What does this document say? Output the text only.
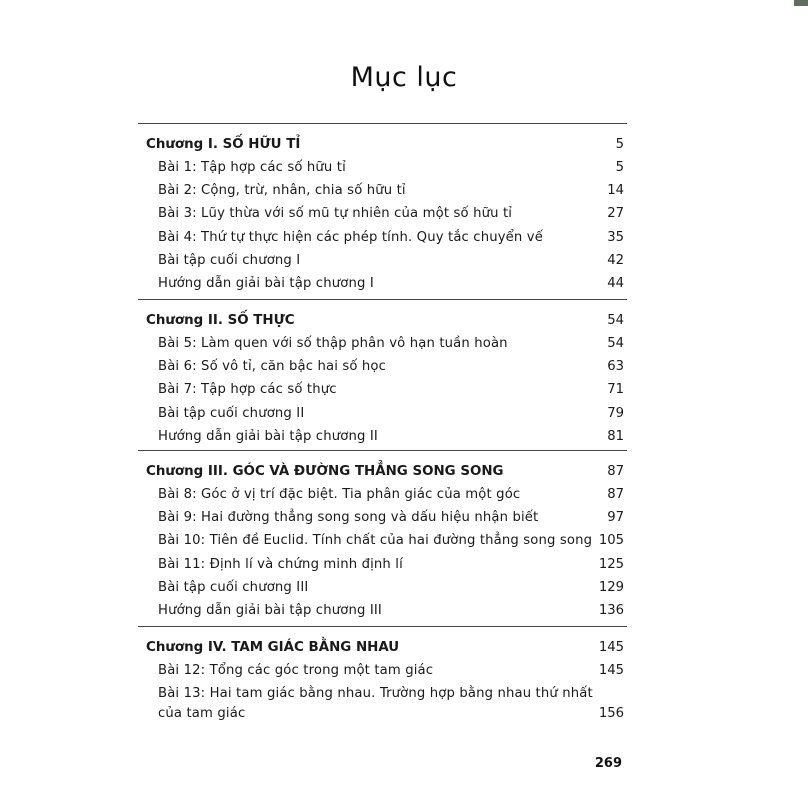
Mục lục
Chương I. SỐ HỮU TỈ	5
Bài 1: Tập hợp các số hữu tỉ	5
Bài 2: Cộng, trừ, nhân, chia số hữu tỉ	14
Bài 3: Lũy thừa với số mũ tự nhiên của một số hữu tỉ	27
Bài 4: Thứ tự thực hiện các phép tính. Quy tắc chuyển vế	35
Bài tập cuối chương I	42
Hướng dẫn giải bài tập chương I	44
Chương II. SỐ THỰC	54
Bài 5: Làm quen với số thập phân vô hạn tuần hoàn	54
Bài 6: Số vô tỉ, căn bậc hai số học	63
Bài 7: Tập hợp các số thực	71
Bài tập cuối chương II	79
Hướng dẫn giải bài tập chương II	81
Chương III. GÓC VÀ ĐƯỜNG THẲNG SONG SONG	87
Bài 8: Góc ở vị trí đặc biệt. Tia phân giác của một góc	87
Bài 9: Hai đường thẳng song song và dấu hiệu nhận biết	97
Bài 10: Tiên đề Euclid. Tính chất của hai đường thẳng song song 105
Bài 11: Định lí và chứng minh định lí	125
Bài tập cuối chương III	129
Hướng dẫn giải bài tập chương III	136
Chương IV. TAM GIÁC BẰNG NHAU	145
Bài 12: Tổng các góc trong một tam giác	145
Bài 13: Hai tam giác bằng nhau. Trường hợp bằng nhau thứ nhất
của tam giác	156
269
